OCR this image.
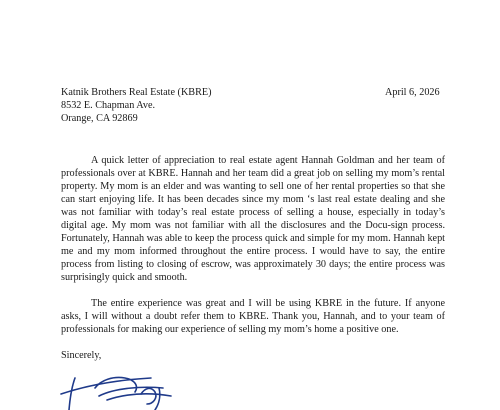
Katnik Brothers Real Estate (KBRE)
8532 E. Chapman Ave.
Orange, CA 92869
April 6, 2026

A quick letter of appreciation to real estate agent Hannah Goldman and her team of professionals over at KBRE. Hannah and her team did a great job on selling my mom’s rental property. My mom is an elder and was wanting to sell one of her rental properties so that she can start enjoying life. It has been decades since my mom ‘s last real estate dealing and she was not familiar with today’s real estate process of selling a house, especially in today’s digital age. My mom was not familiar with all the disclosures and the Docu-sign process. Fortunately, Hannah was able to keep the process quick and simple for my mom. Hannah kept me and my mom informed throughout the entire process. I would have to say, the entire process from listing to closing of escrow, was approximately 30 days; the entire process was surprisingly quick and smooth.

The entire experience was great and I will be using KBRE in the future. If anyone asks, I will without a doubt refer them to KBRE. Thank you, Hannah, and to your team of professionals for making our experience of selling my mom’s home a positive one.

Sincerely,
